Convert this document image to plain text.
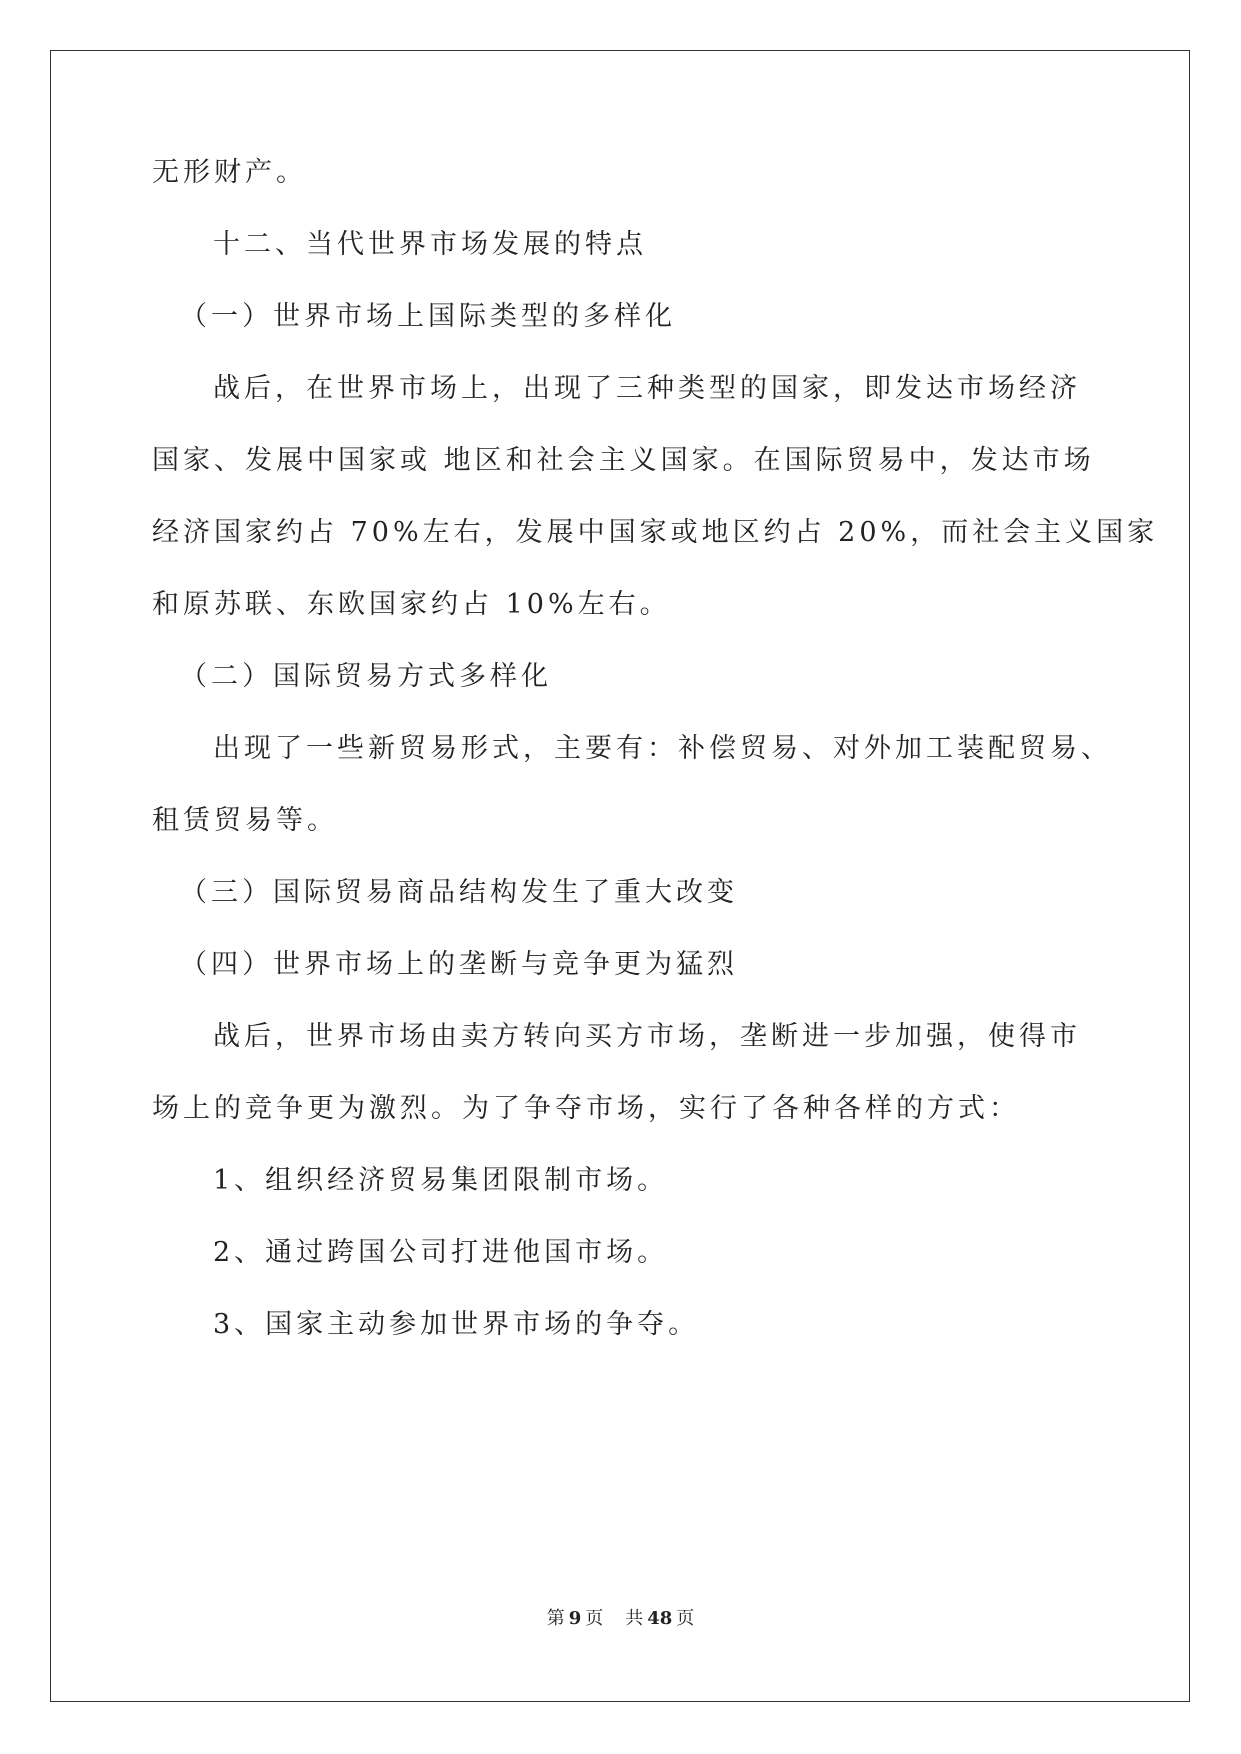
无形财产。
十二、当代世界市场发展的特点
（一）世界市场上国际类型的多样化
战后，在世界市场上，出现了三种类型的国家，即发达市场经济
国家、发展中国家或 地区和社会主义国家。在国际贸易中，发达市场
经济国家约占 70%左右，发展中国家或地区约占 20%，而社会主义国家
和原苏联、东欧国家约占 10%左右。
（二）国际贸易方式多样化
出现了一些新贸易形式，主要有：补偿贸易、对外加工装配贸易、
租赁贸易等。
（三）国际贸易商品结构发生了重大改变
（四）世界市场上的垄断与竞争更为猛烈
战后，世界市场由卖方转向买方市场，垄断进一步加强，使得市
场上的竞争更为激烈。为了争夺市场，实行了各种各样的方式：
1、组织经济贸易集团限制市场。
2、通过跨国公司打进他国市场。
3、国家主动参加世界市场的争夺。
第 9 页 共 48 页
